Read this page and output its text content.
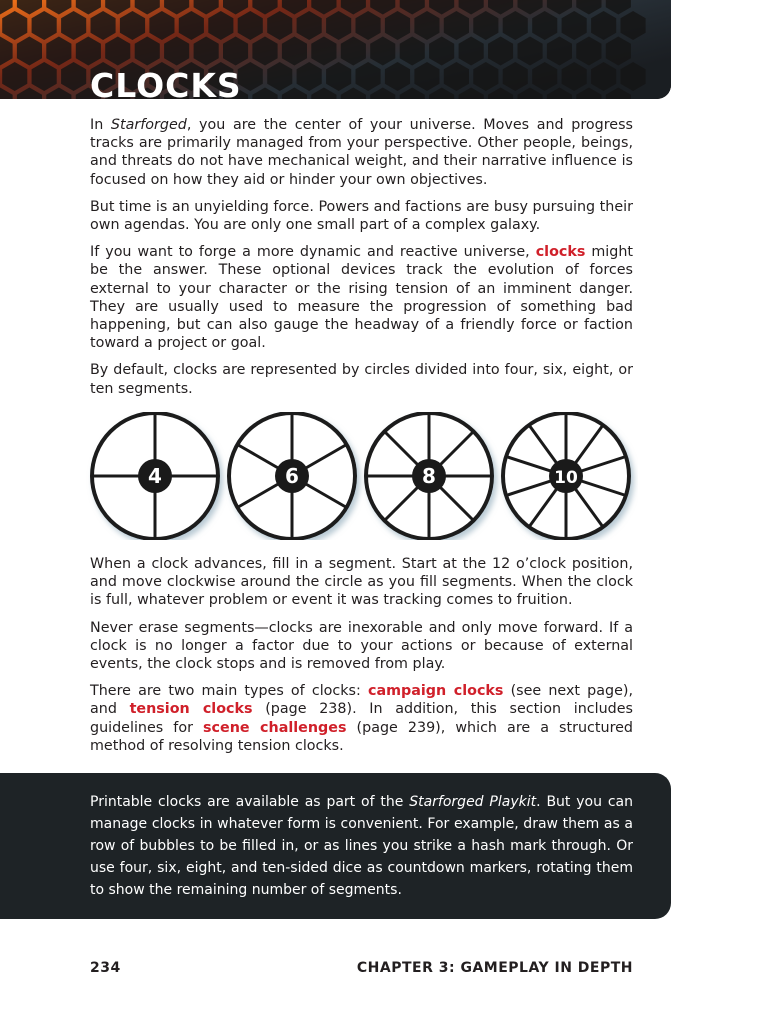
CLOCKS

In Starforged, you are the center of your universe. Moves and progress tracks are primarily managed from your perspective. Other people, beings, and threats do not have mechanical weight, and their narrative influence is focused on how they aid or hinder your own objectives.

But time is an unyielding force. Powers and factions are busy pursuing their own agendas. You are only one small part of a complex galaxy.

If you want to forge a more dynamic and reactive universe, clocks might be the answer. These optional devices track the evolution of forces external to your character or the rising tension of an imminent danger. They are usually used to measure the progression of something bad happening, but can also gauge the headway of a friendly force or faction toward a project or goal.

By default, clocks are represented by circles divided into four, six, eight, or ten segments.

4	6	8	10

When a clock advances, fill in a segment. Start at the 12 o’clock position, and move clockwise around the circle as you fill segments. When the clock is full, whatever problem or event it was tracking comes to fruition.

Never erase segments—clocks are inexorable and only move forward. If a clock is no longer a factor due to your actions or because of external events, the clock stops and is removed from play.

There are two main types of clocks: campaign clocks (see next page), and tension clocks (page 238). In addition, this section includes guidelines for scene challenges (page 239), which are a structured method of resolving tension clocks.

Printable clocks are available as part of the Starforged Playkit. But you can manage clocks in whatever form is convenient. For example, draw them as a row of bubbles to be filled in, or as lines you strike a hash mark through. Or use four, six, eight, and ten-sided dice as countdown markers, rotating them to show the remaining number of segments.

234	CHAPTER 3: GAMEPLAY IN DEPTH
